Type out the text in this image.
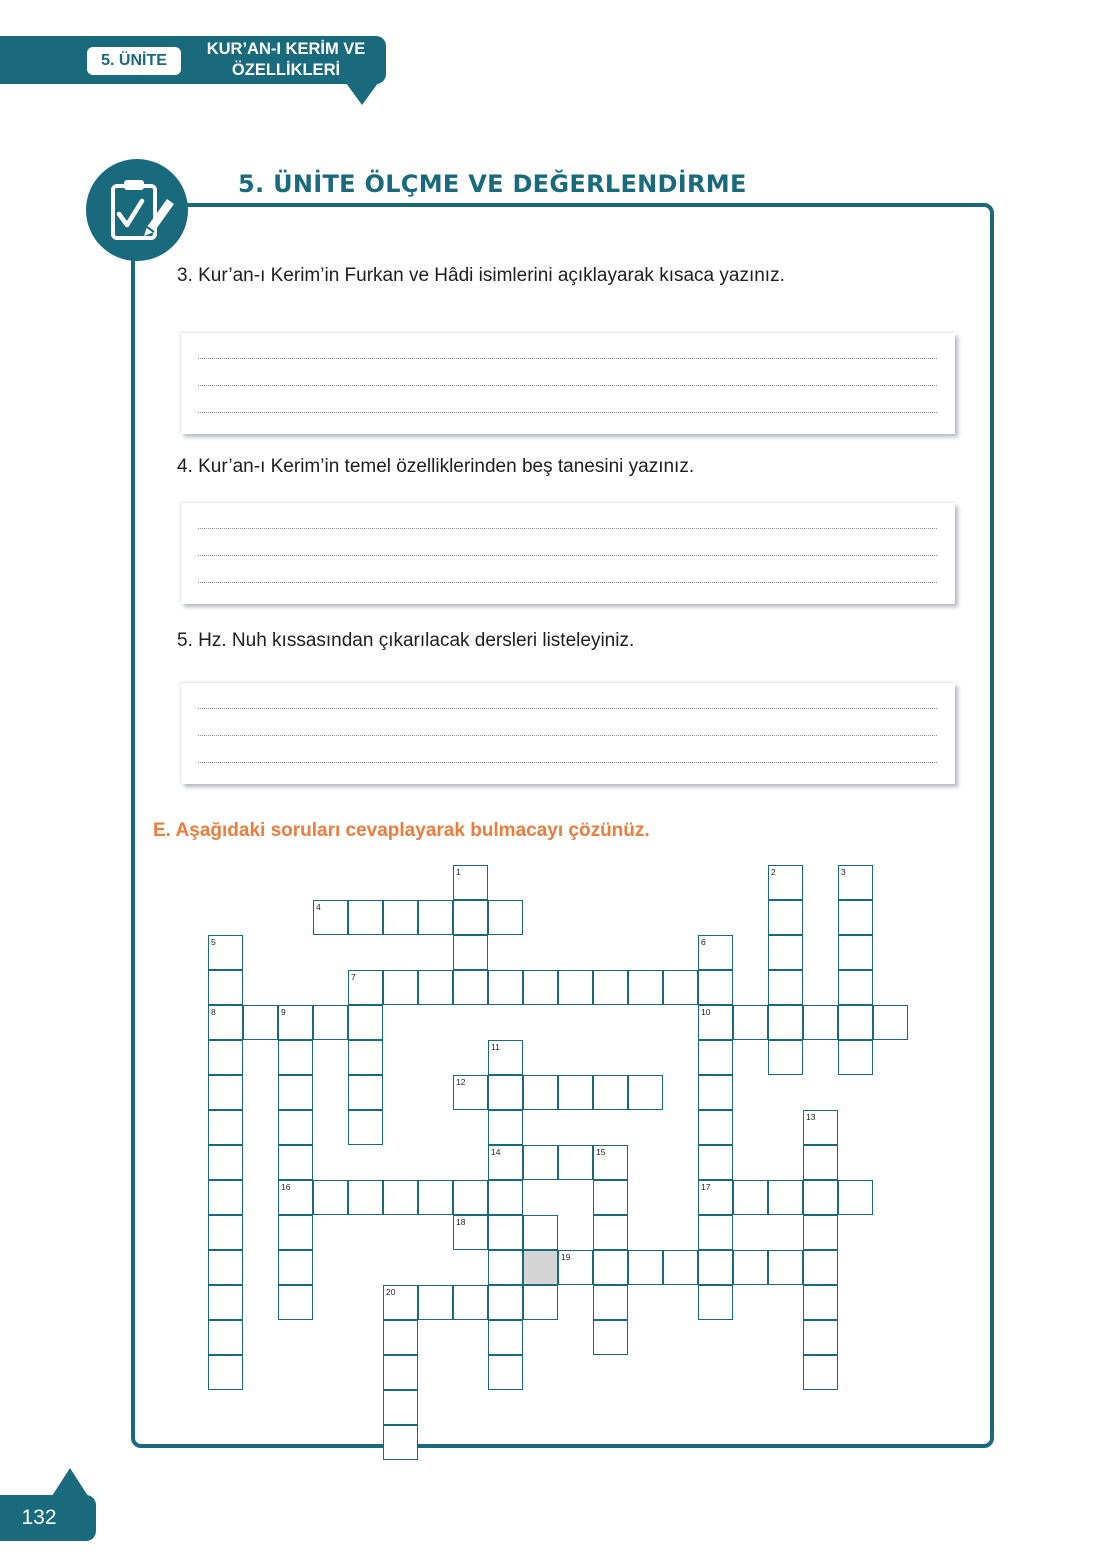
5. ÜNİTE
KUR’AN-I KERİM VE
ÖZELLİKLERİ
5. ÜNİTE ÖLÇME VE DEĞERLENDİRME
3. Kur’an-ı Kerim’in Furkan ve Hâdi isimlerini açıklayarak kısaca yazınız.
4. Kur’an-ı Kerim’in temel özelliklerinden beş tanesini yazınız.
5. Hz. Nuh kıssasından çıkarılacak dersleri listeleyiniz.
E. Aşağıdaki soruları cevaplayarak bulmacayı çözünüz.
1	2	3
4
5	6
7
8	9	10
11
12
13
14	15
16	17
18
19
20
132
